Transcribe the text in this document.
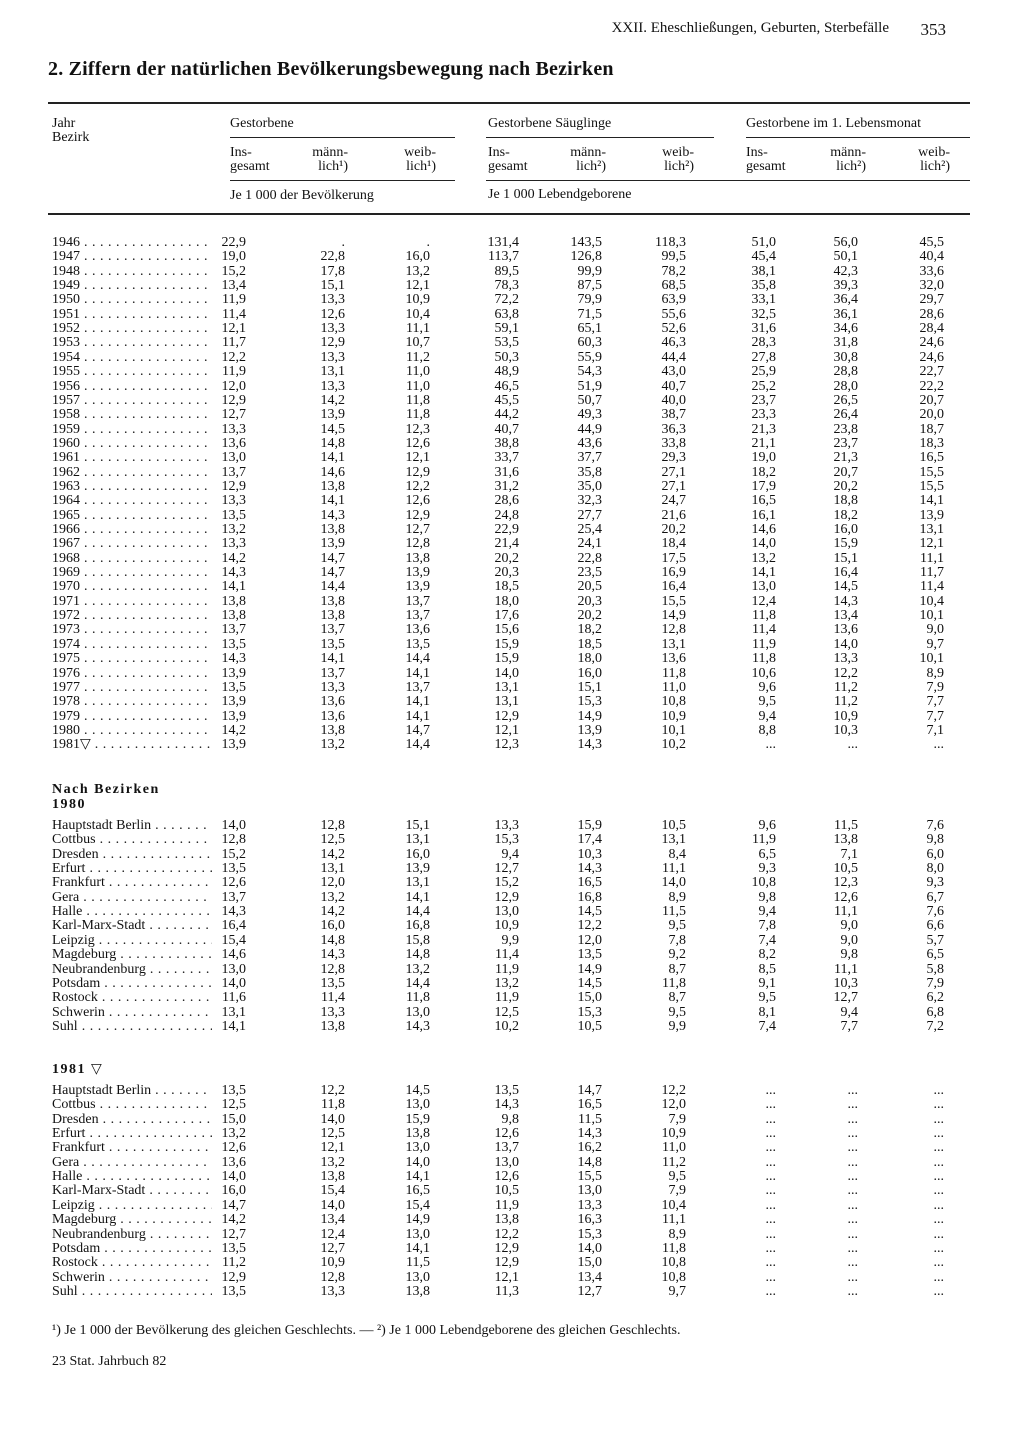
XXII. Eheschließungen, Geburten, Sterbefälle 353
2. Ziffern der natürlichen Bevölkerungsbewegung nach Bezirken
Jahr
Bezirk
Gestorbene	Gestorbene Säuglinge	Gestorbene im 1. Lebensmonat
Ins-
gesamt
männ-
lich¹)
weib-
lich¹)
Ins-
gesamt
männ-
lich²)
weib-
lich²)
Ins-
gesamt
männ-
lich²)
weib-
lich²)
Je 1 000 der Bevölkerung	Je 1 000 Lebendgeborene
1946 . . .	22,9	.	.	131,4	143,5	118,3	51,0	56,0	45,5
1947 . . .	19,0	22,8	16,0	113,7	126,8	99,5	45,4	50,1	40,4
1948 . . .	15,2	17,8	13,2	89,5	99,9	78,2	38,1	42,3	33,6
1949 . . .	13,4	15,1	12,1	78,3	87,5	68,5	35,8	39,3	32,0
1950 . . .	11,9	13,3	10,9	72,2	79,9	63,9	33,1	36,4	29,7
1951 . . .	11,4	12,6	10,4	63,8	71,5	55,6	32,5	36,1	28,6
1952 . . .	12,1	13,3	11,1	59,1	65,1	52,6	31,6	34,6	28,4
1953 . . .	11,7	12,9	10,7	53,5	60,3	46,3	28,3	31,8	24,6
1954 . . .	12,2	13,3	11,2	50,3	55,9	44,4	27,8	30,8	24,6
1955 . . .	11,9	13,1	11,0	48,9	54,3	43,0	25,9	28,8	22,7
1956 . . .	12,0	13,3	11,0	46,5	51,9	40,7	25,2	28,0	22,2
1957 . . .	12,9	14,2	11,8	45,5	50,7	40,0	23,7	26,5	20,7
1958 . . .	12,7	13,9	11,8	44,2	49,3	38,7	23,3	26,4	20,0
1959 . . .	13,3	14,5	12,3	40,7	44,9	36,3	21,3	23,8	18,7
1960 . . .	13,6	14,8	12,6	38,8	43,6	33,8	21,1	23,7	18,3
1961 . . .	13,0	14,1	12,1	33,7	37,7	29,3	19,0	21,3	16,5
1962 . . .	13,7	14,6	12,9	31,6	35,8	27,1	18,2	20,7	15,5
1963 . . .	12,9	13,8	12,2	31,2	35,0	27,1	17,9	20,2	15,5
1964 . . .	13,3	14,1	12,6	28,6	32,3	24,7	16,5	18,8	14,1
1965 . . .	13,5	14,3	12,9	24,8	27,7	21,6	16,1	18,2	13,9
1966 . . .	13,2	13,8	12,7	22,9	25,4	20,2	14,6	16,0	13,1
1967 . . .	13,3	13,9	12,8	21,4	24,1	18,4	14,0	15,9	12,1
1968 . . .	14,2	14,7	13,8	20,2	22,8	17,5	13,2	15,1	11,1
1969 . . .	14,3	14,7	13,9	20,3	23,5	16,9	14,1	16,4	11,7
1970 . . .	14,1	14,4	13,9	18,5	20,5	16,4	13,0	14,5	11,4
1971 . . .	13,8	13,8	13,7	18,0	20,3	15,5	12,4	14,3	10,4
1972 . . .	13,8	13,8	13,7	17,6	20,2	14,9	11,8	13,4	10,1
1973 . . .	13,7	13,7	13,6	15,6	18,2	12,8	11,4	13,6	9,0
1974 . . .	13,5	13,5	13,5	15,9	18,5	13,1	11,9	14,0	9,7
1975 . . .	14,3	14,1	14,4	15,9	18,0	13,6	11,8	13,3	10,1
1976 . . .	13,9	13,7	14,1	14,0	16,0	11,8	10,6	12,2	8,9
1977 . . .	13,5	13,3	13,7	13,1	15,1	11,0	9,6	11,2	7,9
1978 . . .	13,9	13,6	14,1	13,1	15,3	10,8	9,5	11,2	7,7
1979 . . .	13,9	13,6	14,1	12,9	14,9	10,9	9,4	10,9	7,7
1980 . . .	14,2	13,8	14,7	12,1	13,9	10,1	8,8	10,3	7,1
1981▽ . . .	13,9	13,2	14,4	12,3	14,3	10,2	...	...	...
Nach Bezirken
1980
Hauptstadt Berlin . . .	14,0	12,8	15,1	13,3	15,9	10,5	9,6	11,5	7,6
Cottbus . . .	12,8	12,5	13,1	15,3	17,4	13,1	11,9	13,8	9,8
Dresden . . .	15,2	14,2	16,0	9,4	10,3	8,4	6,5	7,1	6,0
Erfurt . . .	13,5	13,1	13,9	12,7	14,3	11,1	9,3	10,5	8,0
Frankfurt . . .	12,6	12,0	13,1	15,2	16,5	14,0	10,8	12,3	9,3
Gera . . .	13,7	13,2	14,1	12,9	16,8	8,9	9,8	12,6	6,7
Halle . . .	14,3	14,2	14,4	13,0	14,5	11,5	9,4	11,1	7,6
Karl-Marx-Stadt . . .	16,4	16,0	16,8	10,9	12,2	9,5	7,8	9,0	6,6
Leipzig . . .	15,4	14,8	15,8	9,9	12,0	7,8	7,4	9,0	5,7
Magdeburg . . .	14,6	14,3	14,8	11,4	13,5	9,2	8,2	9,8	6,5
Neubrandenburg . . .	13,0	12,8	13,2	11,9	14,9	8,7	8,5	11,1	5,8
Potsdam . . .	14,0	13,5	14,4	13,2	14,5	11,8	9,1	10,3	7,9
Rostock . . .	11,6	11,4	11,8	11,9	15,0	8,7	9,5	12,7	6,2
Schwerin . . .	13,1	13,3	13,0	12,5	15,3	9,5	8,1	9,4	6,8
Suhl . . .	14,1	13,8	14,3	10,2	10,5	9,9	7,4	7,7	7,2
1981 ▽
Hauptstadt Berlin . . .	13,5	12,2	14,5	13,5	14,7	12,2	...	...	...
Cottbus . . .	12,5	11,8	13,0	14,3	16,5	12,0	...	...	...
Dresden . . .	15,0	14,0	15,9	9,8	11,5	7,9	...	...	...
Erfurt . . .	13,2	12,5	13,8	12,6	14,3	10,9	...	...	...
Frankfurt . . .	12,6	12,1	13,0	13,7	16,2	11,0	...	...	...
Gera . . .	13,6	13,2	14,0	13,0	14,8	11,2	...	...	...
Halle . . .	14,0	13,8	14,1	12,6	15,5	9,5	...	...	...
Karl-Marx-Stadt . . .	16,0	15,4	16,5	10,5	13,0	7,9	...	...	...
Leipzig . . .	14,7	14,0	15,4	11,9	13,3	10,4	...	...	...
Magdeburg . . .	14,2	13,4	14,9	13,8	16,3	11,1	...	...	...
Neubrandenburg . . .	12,7	12,4	13,0	12,2	15,3	8,9	...	...	...
Potsdam . . .	13,5	12,7	14,1	12,9	14,0	11,8	...	...	...
Rostock . . .	11,2	10,9	11,5	12,9	15,0	10,8	...	...	...
Schwerin . . .	12,9	12,8	13,0	12,1	13,4	10,8	...	...	...
Suhl . . .	13,5	13,3	13,8	11,3	12,7	9,7	...	...	...
¹) Je 1 000 der Bevölkerung des gleichen Geschlechts. — ²) Je 1 000 Lebendgeborene des gleichen Geschlechts.
23 Stat. Jahrbuch 82
